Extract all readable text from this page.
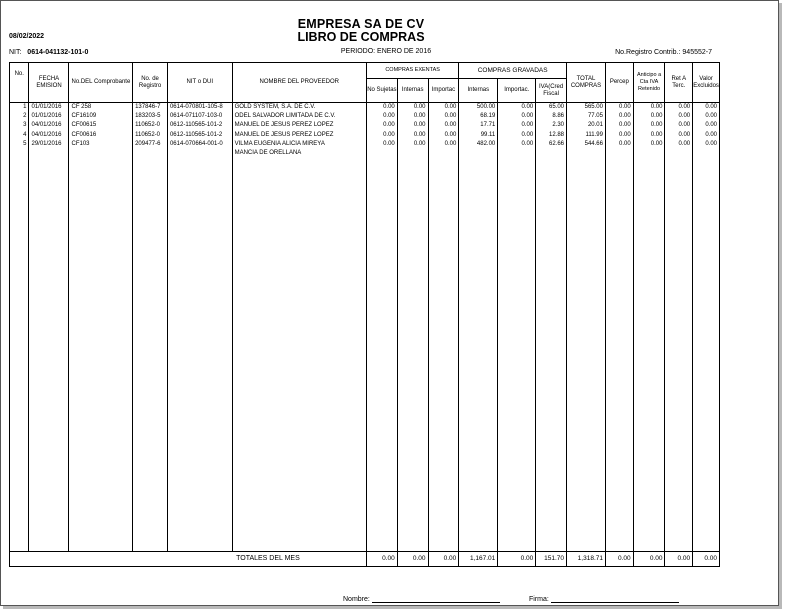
08/02/2022
EMPRESA SA DE CV
LIBRO DE COMPRAS
NIT: 0614-041132-101-0	PERIODO: ENERO DE 2016	No.Registro Contrib.: 945552-7
No.	FECHA EMISION	No.DEL Comprobante	No. de Registro	NIT o DUI	NOMBRE DEL PROVEEDOR	COMPRAS EXENTAS			COMPRAS GRAVADAS			TOTAL COMPRAS	Percep	Anticipo a Cta IVA Retenido	Ret A Terc.	Valor Excluidos
						No Sujetas	Internas	Importac	Internas	Importac.	IVA(Cred Fiscal					
1	01/01/2016	CF 258	137846-7	0614-070801-105-8	GOLD SYSTEM, S.A. DE C.V.	0.00	0.00	0.00	500.00	0.00	65.00	565.00	0.00	0.00	0.00	0.00
2	01/01/2016	CF16109	183203-5	0614-071107-103-0	ODEL SALVADOR LIMITADA DE C.V.	0.00	0.00	0.00	68.19	0.00	8.86	77.05	0.00	0.00	0.00	0.00
3	04/01/2016	CF00615	110652-0	0612-110565-101-2	MANUEL DE JESUS PEREZ LOPEZ	0.00	0.00	0.00	17.71	0.00	2.30	20.01	0.00	0.00	0.00	0.00
4	04/01/2016	CF00616	110652-0	0612-110565-101-2	MANUEL DE JESUS PEREZ LOPEZ	0.00	0.00	0.00	99.11	0.00	12.88	111.99	0.00	0.00	0.00	0.00
5	29/01/2016	CF103	209477-6	0614-070664-001-0	VILMA EUGENIA ALICIA MIREYA	0.00	0.00	0.00	482.00	0.00	62.66	544.66	0.00	0.00	0.00	0.00
					MANCIA DE ORELLANA											

					TOTALES DEL MES	0.00	0.00	0.00	1,167.01	0.00	151.70	1,318.71	0.00	0.00	0.00	0.00
Nombre:	Firma:
